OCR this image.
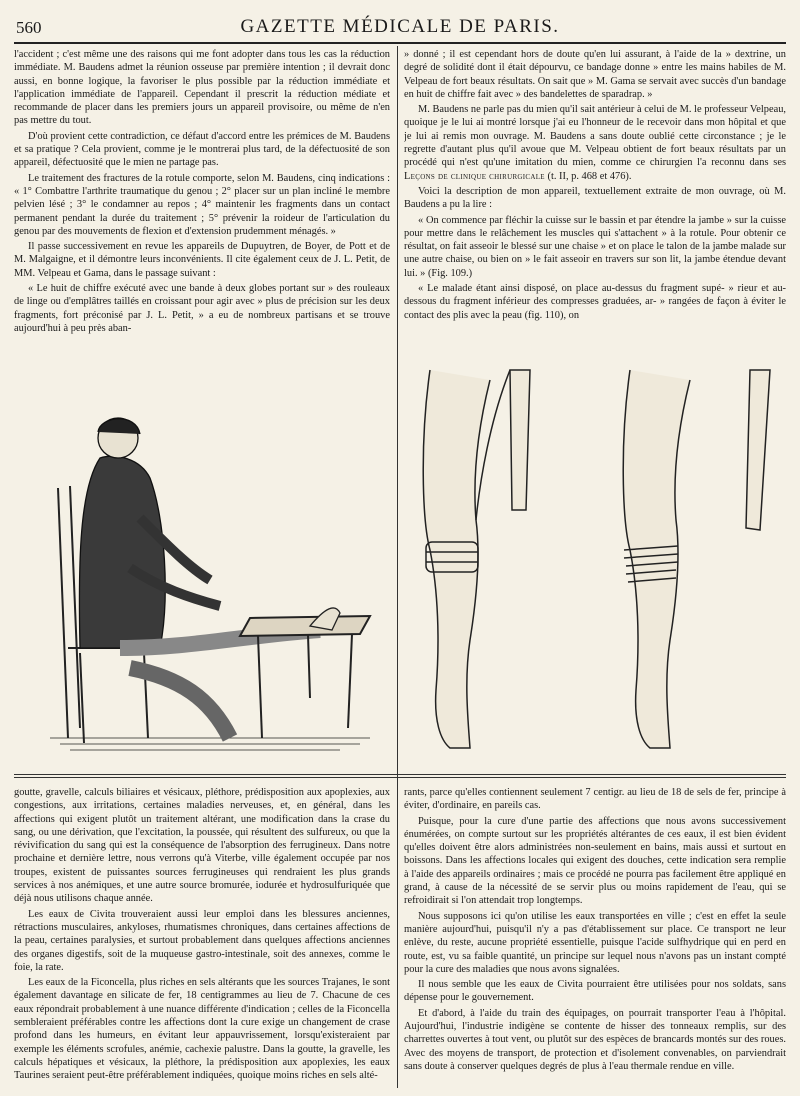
560	GAZETTE MÉDICALE DE PARIS.

l'accident ; c'est même une des raisons qui me font adopter dans tous les cas la réduction immédiate. M. Baudens admet la réunion osseuse par première intention ; il devrait donc aussi, en bonne logique, la favoriser le plus possible par la réduction immédiate et l'application immédiate de l'appareil. Cependant il prescrit la réduction médiate et recommande de placer dans les premiers jours un appareil provisoire, ou même de n'en pas mettre du tout.

D'où provient cette contradiction, ce défaut d'accord entre les prémices de M. Baudens et sa pratique ? Cela provient, comme je le montrerai plus tard, de la défectuosité de son appareil, défectuosité que le mien ne partage pas.

Le traitement des fractures de la rotule comporte, selon M. Baudens, cinq indications : « 1° Combattre l'arthrite traumatique du genou ; 2° placer sur un plan incliné le membre pelvien lésé ; 3° le condamner au repos ; 4° maintenir les fragments dans un contact permanent pendant la durée du traitement ; 5° prévenir la roideur de l'articulation du genou par des mouvements de flexion et d'extension prudemment ménagés. »

Il passe successivement en revue les appareils de Dupuytren, de Boyer, de Pott et de M. Malgaigne, et il démontre leurs inconvénients. Il cite également ceux de J. L. Petit, de MM. Velpeau et Gama, dans le passage suivant :

« Le huit de chiffre exécuté avec une bande à deux globes portant sur » des rouleaux de linge ou d'emplâtres taillés en croissant pour agir avec » plus de précision sur les deux fragments, fort préconisé par J. L. Petit, » a eu de nombreux partisans et se trouve aujourd'hui à peu près aban-

» donné ; il est cependant hors de doute qu'en lui assurant, à l'aide de la » dextrine, un degré de solidité dont il était dépourvu, ce bandage donne » entre les mains habiles de M. Velpeau de fort beaux résultats. On sait que » M. Gama se servait avec succès d'un bandage en huit de chiffre fait avec » des bandelettes de sparadrap. »

M. Baudens ne parle pas du mien qu'il sait antérieur à celui de M. le professeur Velpeau, quoique je le lui ai montré lorsque j'ai eu l'honneur de le recevoir dans mon hôpital et que je lui ai remis mon ouvrage. M. Baudens a sans doute oublié cette circonstance ; je le regrette d'autant plus qu'il avoue que M. Velpeau obtient de fort beaux résultats par un procédé qui n'est qu'une imitation du mien, comme ce chirurgien l'a reconnu dans ses Leçons de clinique chirurgicale (t. II, p. 468 et 476).

Voici la description de mon appareil, textuellement extraite de mon ouvrage, où M. Baudens a pu la lire :

« On commence par fléchir la cuisse sur le bassin et par étendre la jambe » sur la cuisse pour mettre dans le relâchement les muscles qui s'attachent » à la rotule. Pour obtenir ce résultat, on fait asseoir le blessé sur une chaise » et on place le talon de la jambe malade sur une autre chaise, ou bien on » le fait asseoir en travers sur son lit, la jambe étendue devant lui. » (Fig. 109.)

« Le malade étant ainsi disposé, on place au-dessus du fragment supé- » rieur et au-dessous du fragment inférieur des compresses graduées, ar- » rangées de façon à éviter le contact des plis avec la peau (fig. 110), on

goutte, gravelle, calculs biliaires et vésicaux, pléthore, prédisposition aux apoplexies, aux congestions, aux irritations, certaines maladies nerveuses, et, en général, dans les affections qui exigent plutôt un traitement altérant, une modification dans la crase du sang, ou une dérivation, que l'excitation, la poussée, qui résultent des sulfureux, ou que la révivification du sang qui est la conséquence de l'absorption des ferrugineux. Dans notre prochaine et dernière lettre, nous verrons qu'à Viterbe, ville également occupée par nos troupes, existent de puissantes sources ferrugineuses qui rendraient les plus grands services à nos anémiques, et une autre source bromurée, iodurée et hydrosulfuriquée que déjà nous utilisons chaque année.

Les eaux de Civita trouveraient aussi leur emploi dans les blessures anciennes, rétractions musculaires, ankyloses, rhumatismes chroniques, dans certaines affections de la peau, certaines paralysies, et surtout probablement dans quelques affections anciennes des organes digestifs, soit de la muqueuse gastro-intestinale, soit des annexes, comme le foie, la rate.

Les eaux de la Ficoncella, plus riches en sels altérants que les sources Trajanes, le sont également davantage en silicate de fer, 18 centigrammes au lieu de 7. Chacune de ces eaux répondrait probablement à une nuance différente d'indication ; celles de la Ficoncella sembleraient préférables contre les affections dont la cure exige un changement de crase profond dans les humeurs, en évitant leur appauvrissement, lorsqu'existeraient par exemple les éléments scrofules, anémie, cachexie palustre. Dans la goutte, la gravelle, les calculs hépatiques et vésicaux, la pléthore, la prédisposition aux apoplexies, les eaux Taurines seraient peut-être préférablement indiquées, quoique moins riches en sels alté-

rants, parce qu'elles contiennent seulement 7 centigr. au lieu de 18 de sels de fer, principe à éviter, d'ordinaire, en pareils cas.

Puisque, pour la cure d'une partie des affections que nous avons successivement énumérées, on compte surtout sur les propriétés altérantes de ces eaux, il est bien évident qu'elles doivent être alors administrées non-seulement en bains, mais aussi et surtout en boissons. Dans les affections locales qui exigent des douches, cette indication sera remplie à l'aide des appareils ordinaires ; mais ce procédé ne pourra pas facilement être appliqué en grand, à cause de la nécessité de se servir plus ou moins rapidement de l'eau, qui se refroidirait si l'on attendait trop longtemps.

Nous supposons ici qu'on utilise les eaux transportées en ville ; c'est en effet la seule manière aujourd'hui, puisqu'il n'y a pas d'établissement sur place. Ce transport ne leur enlève, du reste, aucune propriété essentielle, puisque l'acide sulfhydrique qui en perd en route, est, vu sa faible quantité, un principe sur lequel nous n'avons pas un instant compté pour la cure des maladies que nous avons signalées.

Il nous semble que les eaux de Civita pourraient être utilisées pour nos soldats, sans dépense pour le gouvernement.

Et d'abord, à l'aide du train des équipages, on pourrait transporter l'eau à l'hôpital. Aujourd'hui, l'industrie indigène se contente de hisser des tonneaux remplis, sur des charrettes ouvertes à tout vent, ou plutôt sur des espèces de brancards montés sur des roues. Avec des moyens de transport, de protection et d'isolement convenables, on parviendrait sans doute à conserver quelques degrés de plus à l'eau thermale rendue en ville.
